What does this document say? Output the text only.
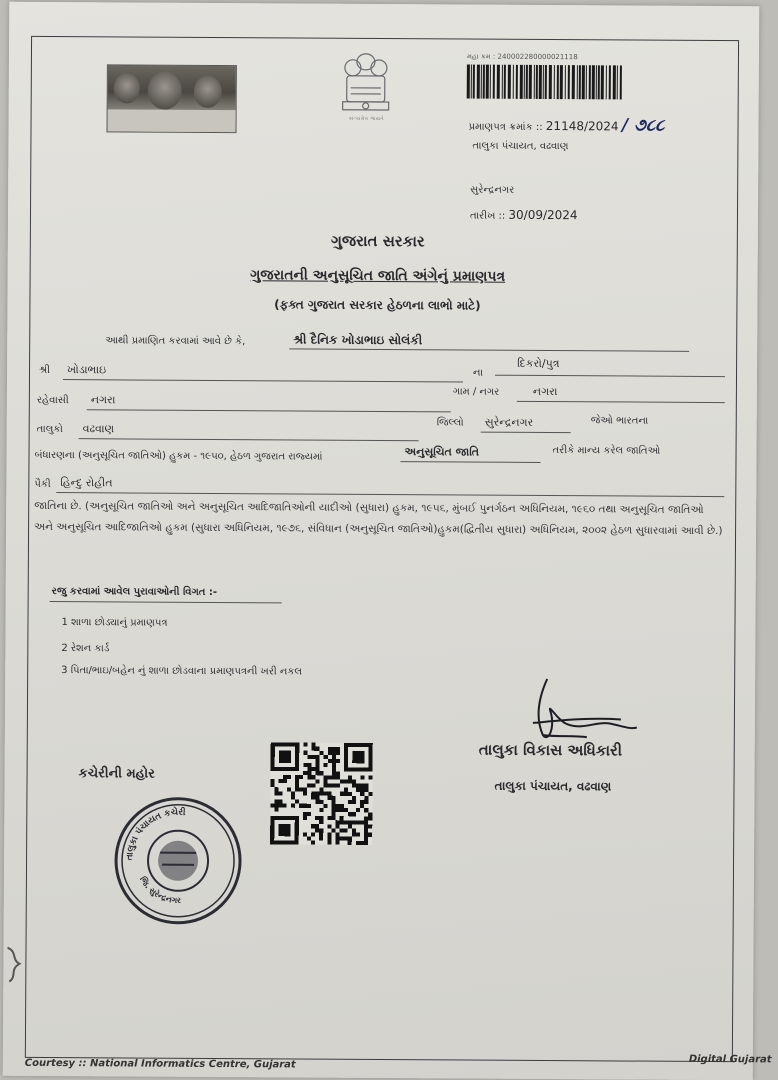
સત્યમેવ જયતે
મહા ક્રમ : 240002280000021118
પ્રમાણપત્ર ક્રમાંક :: 21148/2024 / ૭૮૮
તાલુકા પંચાયત, વઢવાણ
સુરેન્દ્રનગર
તારીખ :: 30/09/2024
ગુજરાત સરકાર
ગુજરાતની અનુસૂચિત જાતિ અંગેનું પ્રમાણપત્ર
(ફક્ત ગુજરાત સરકાર હેઠળના લાભો માટે)
આથી પ્રમાણિત કરવામાં આવે છે કે,	શ્રી દૈનિક ખોડાભાઇ સોલંકી
શ્રી ખોડાભાઇ	ના
દિકરો/પુત્ર
રહેવાસી નગરા
ગામ / નગર	નગરા
તાલુકો વઢવાણ	જિલ્લો સુરેન્દ્રનગર	જેઓ ભારતના
બંધારણના (અનુસૂચિત જાતિઓ) હુકમ - ૧૯૫૦, હેઠળ ગુજરાત રાજ્યમાં	અનુસૂચિત જાતિ	તરીકે માન્ય કરેલ જાતિઓ
પૈકી હિન્દુ રોહીત
જાતિના છે. (અનુસૂચિત જાતિઓ અને અનુસૂચિત આદિજાતિઓની યાદીઓ (સુધારા) હુકમ, ૧૯૫૬, મુંબઈ પુનર્ગઠન અધિનિયમ, ૧૯૬૦ તથા અનુસૂચિત જાતિઓ અને અનુસૂચિત આદિજાતિઓ હુકમ (સુધારા અધિનિયમ, ૧૯૭૬, સંવિધાન (અનુસૂચિત જાતિઓ)હુકમ(દ્વિતીય સુધારા) અધિનિયમ, ૨૦૦૨ હેઠળ સુધારવામાં આવી છે.)
રજુ કરવામાં આવેલ પુરાવાઓની વિગત :-
1 શાળા છોડ્યાનું પ્રમાણપત્ર
2 રેશન કાર્ડ
3 પિતા/ભાઇ/બહેન નું શાળા છોડવાના પ્રમાણપત્રની ખરી નકલ
તાલુકા વિકાસ અધિકારી
તાલુકા પંચાયત, વઢવાણ
કચેરીની મહોર
તાલુકા પંચાયત કચેરી
જિ. સુરેન્દ્રનગર
Courtesy :: National Informatics Centre, Gujarat	Digital Gujarat
